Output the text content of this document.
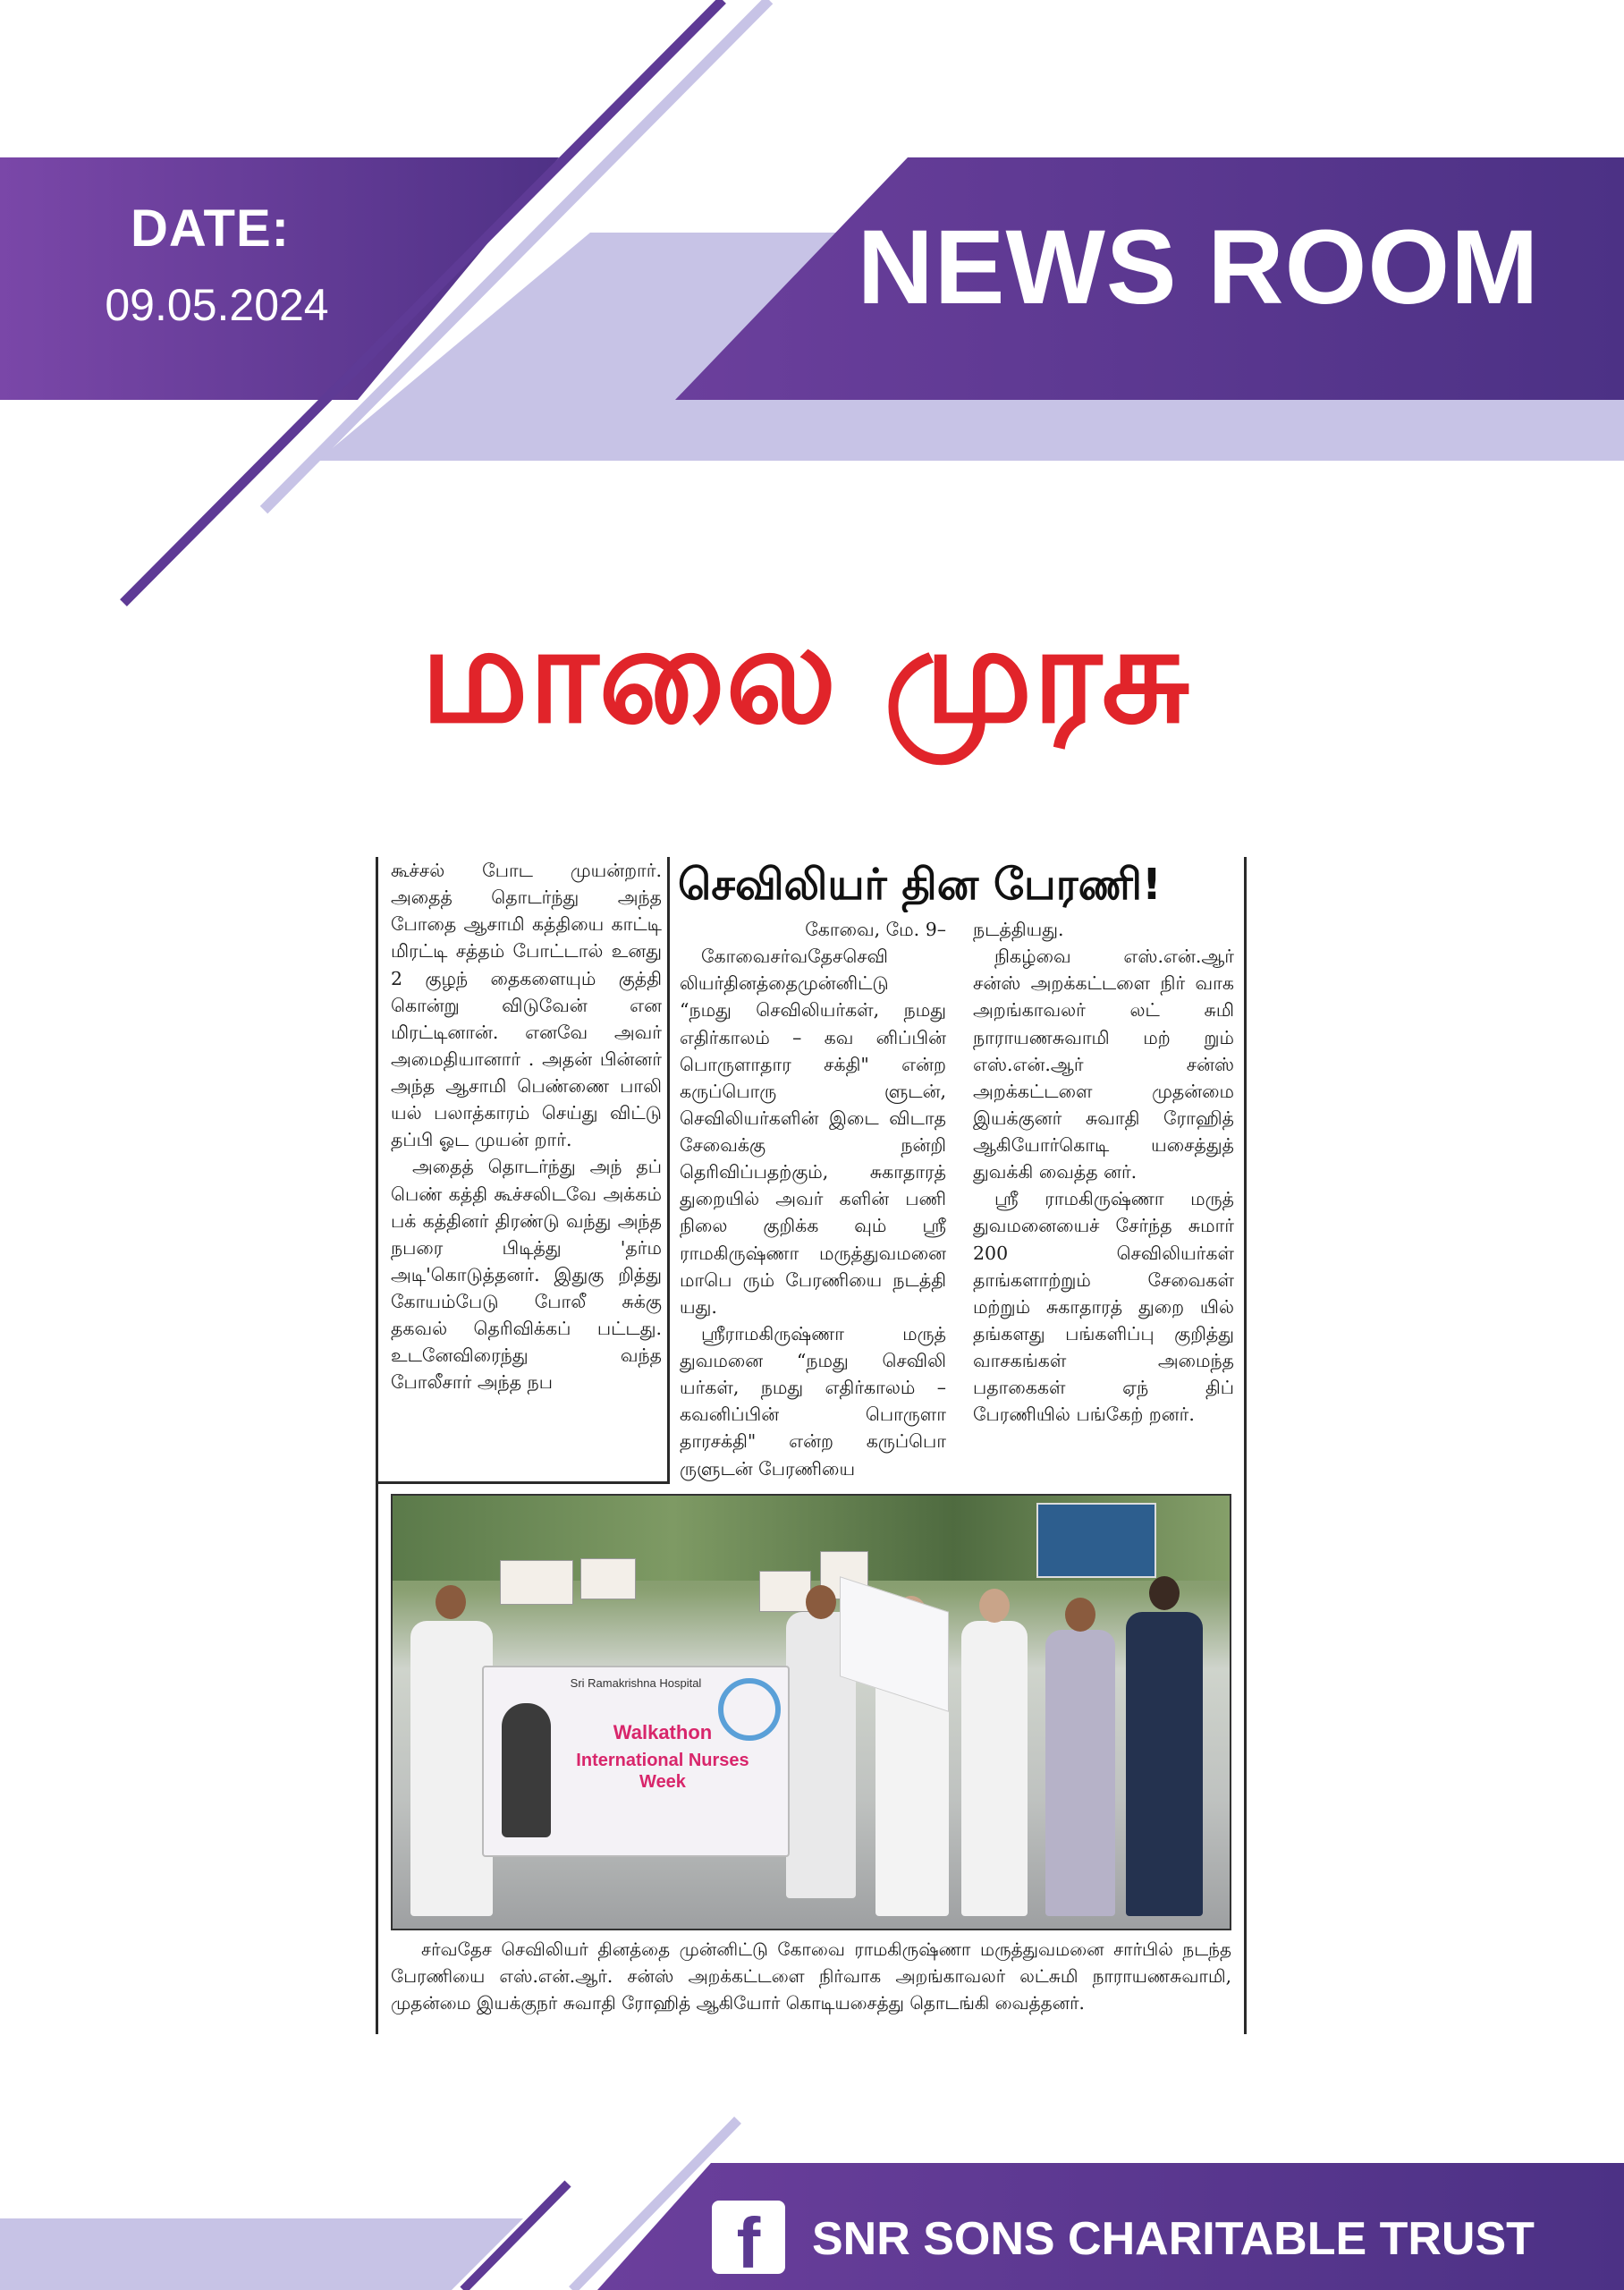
DATE:
09.05.2024	NEWS ROOM
மாலை முரசு

கூச்சல் போட முயன்றார். அதைத் தொடர்ந்து அந்த போதை ஆசாமி கத்தியை காட்டி மிரட்டி சத்தம் போட்டால் உனது 2 குழந் தைகளையும் குத்தி கொன்று விடுவேன் என மிரட்டினான். எனவே அவர் அமைதியானார் . அதன் பின்னர் அந்த ஆசாமி பெண்ணை பாலி யல் பலாத்காரம் செய்து விட்டு தப்பி ஓட முயன் றார்.

அதைத் தொடர்ந்து அந் தப் பெண் கத்தி கூச்சலிடவே அக்கம் பக் கத்தினர் திரண்டு வந்து அந்த நபரை பிடித்து 'தர்ம அடி'கொடுத்தனர். இதுகு றித்து கோயம்பேடு போலீ சுக்கு தகவல் தெரிவிக்கப் பட்டது. உடனேவிரைந்து வந்த போலீசார் அந்த நப

செவிலியர் தின பேரணி!

கோவை, மே. 9–

கோவைசர்வதேசசெவி லியர்தினத்தைமுன்னிட்டு “நமது செவிலியர்கள், நமது எதிர்காலம் – கவ னிப்பின் பொருளாதார சக்தி" என்ற கருப்பொரு ளுடன், செவிலியர்களின் இடை விடாத சேவைக்கு நன்றி தெரிவிப்பதற்கும், சுகாதாரத் துறையில் அவர் களின் பணி நிலை குறிக்க வும் ஸ்ரீ ராமகிருஷ்ணா மருத்துவமனை மாபெ ரும் பேரணியை நடத்தி யது.

ஸ்ரீராமகிருஷ்ணா மருத் துவமனை “நமது செவிலி யர்கள், நமது எதிர்காலம் – கவனிப்பின் பொருளா தாரசக்தி" என்ற கருப்பொ ருளுடன் பேரணியை

நடத்தியது.

நிகழ்வை எஸ்.என்.ஆர் சன்ஸ் அறக்கட்டளை நிர் வாக அறங்காவலர் லட் சுமி நாராயணசுவாமி மற் றும் எஸ்.என்.ஆர் சன்ஸ் அறக்கட்டளை முதன்மை இயக்குனர் சுவாதி ரோஹித் ஆகியோர்கொடி யசைத்துத் துவக்கி வைத்த னர்.

ஸ்ரீ ராமகிருஷ்ணா மருத் துவமனையைச் சேர்ந்த சுமார் 200 செவிலியர்கள் தாங்களாற்றும் சேவைகள் மற்றும் சுகாதாரத் துறை யில் தங்களது பங்களிப்பு குறித்து வாசகங்கள் அமைந்த பதாகைகள் ஏந் திப் பேரணியில் பங்கேற் றனர்.

Sri Ramakrishna Hospital
Walkathon
International Nurses Week
சர்வதேச செவிலியர் தினத்தை முன்னிட்டு கோவை ராமகிருஷ்ணா மருத்துவமனை சார்பில் நடந்த பேரணியை எஸ்.என்.ஆர். சன்ஸ் அறக்கட்டளை நிர்வாக அறங்காவலர் லட்சுமி நாராயணசுவாமி, முதன்மை இயக்குநர் சுவாதி ரோஹித் ஆகியோர் கொடியசைத்து தொடங்கி வைத்தனர்.
f	SNR SONS CHARITABLE TRUST
